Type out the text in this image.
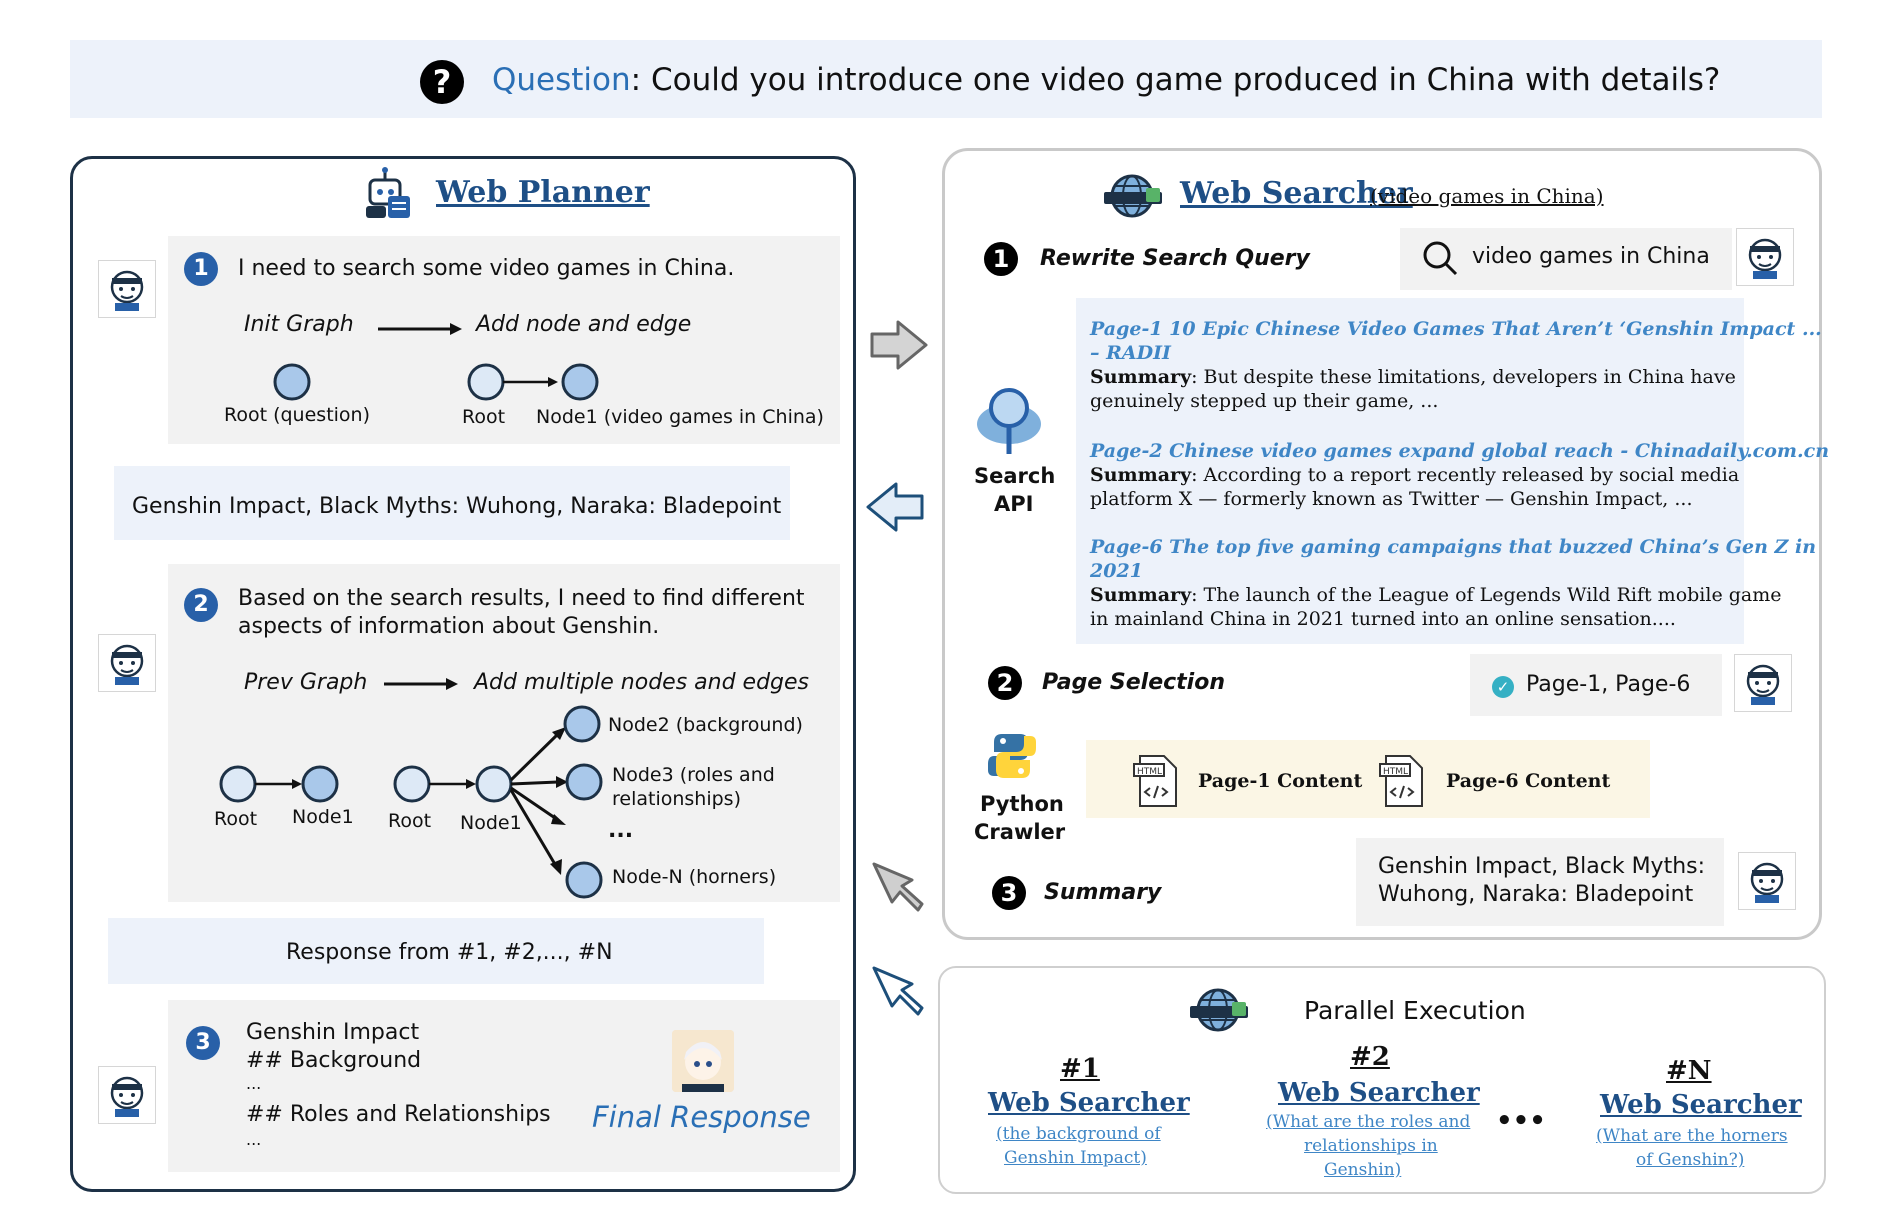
?	Question: Could you introduce one video game produced in China with details?
Web Planner
1	I need to search some video games in China.
Init Graph	Add node and edge
Root (question)	Root Node1 (video games in China)
Genshin Impact, Black Myths: Wuhong, Naraka: Bladepoint
2	Based on the search results, I need to find different
aspects of information about Genshin.
Prev Graph	Add multiple nodes and edges
Root Node1 Root Node1
Node2 (background)
Node3 (roles and
relationships)
...
Node-N (horners)
Response from #1, #2,..., #N
3	Genshin Impact
## Background
...
## Roles and Relationships
...
Final Response
Web Searcher
(video games in China)
1	Rewrite Search Query	video games in China
Search
API
Page-1 10 Epic Chinese Video Games That Aren’t ‘Genshin Impact ...
– RADII
Summary: But despite these limitations, developers in China have
genuinely stepped up their game, ...
Page-2 Chinese video games expand global reach - Chinadaily.com.cn
Summary: According to a report recently released by social media
platform X — formerly known as Twitter — Genshin Impact, ...
Page-6 The top five gaming campaigns that buzzed China’s Gen Z in
2021
Summary: The launch of the League of Legends Wild Rift mobile game
in mainland China in 2021 turned into an online sensation....
2	Page Selection	✓ Page-1, Page-6
Python
Crawler
HTML Page-1 Content HTML Page-6 Content
3	Summary
Genshin Impact, Black Myths:
Wuhong, Naraka: Bladepoint
Parallel Execution
#1
Web Searcher
(the background of
Genshin Impact)
#2
Web Searcher
(What are the roles and
relationships in
Genshin)
•••
#N
Web Searcher
(What are the horners
of Genshin?)
